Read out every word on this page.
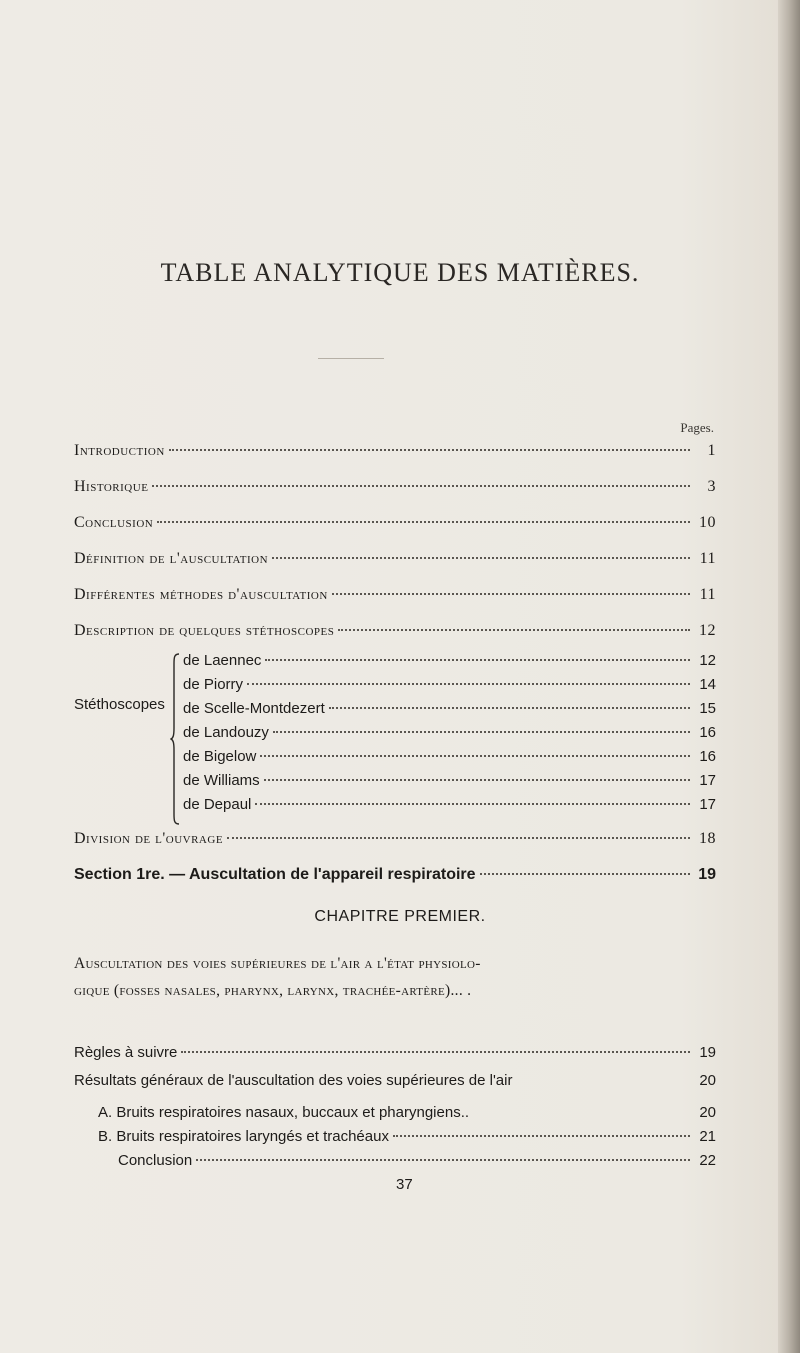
TABLE ANALYTIQUE DES MATIÈRES.
Pages.
Introduction	1
Historique	3
Conclusion	10
Définition de l'auscultation	11
Différentes méthodes d'auscultation	11
Description de quelques stéthoscopes	12
Stéthoscopes
de Laennec	12
de Piorry	14
de Scelle-Montdezert	15
de Landouzy	16
de Bigelow	16
de Williams	17
de Depaul	17
Division de l'ouvrage	18
Section 1re. — Auscultation de l'appareil respiratoire	19
CHAPITRE PREMIER.
Auscultation des voies supérieures de l'air a l'état physiolo-
gique (fosses nasales, pharynx, larynx, trachée-artère)... .
Règles à suivre	19
Résultats généraux de l'auscultation des voies supérieures de l'air	20
A. Bruits respiratoires nasaux, buccaux et pharyngiens..	20
B. Bruits respiratoires laryngés et trachéaux	21
Conclusion	22
37
